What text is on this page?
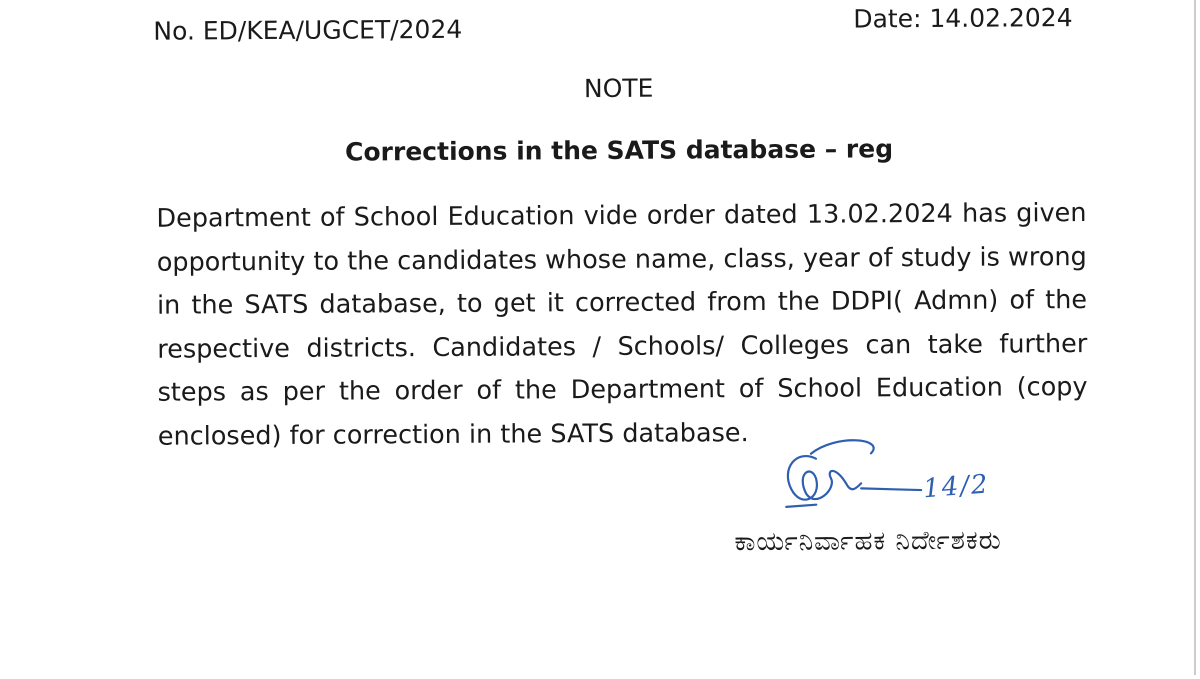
No. ED/KEA/UGCET/2024	Date: 14.02.2024
NOTE
Corrections in the SATS database – reg
Department of School Education vide order dated 13.02.2024 has given opportunity to the candidates whose name, class, year of study is wrong in the SATS database, to get it corrected from the DDPI( Admn) of the respective districts. Candidates / Schools/ Colleges can take further steps as per the order of the Department of School Education (copy enclosed) for correction in the SATS database.
14/2
ಕಾರ್ಯನಿರ್ವಾಹಕ ನಿರ್ದೇಶಕರು
